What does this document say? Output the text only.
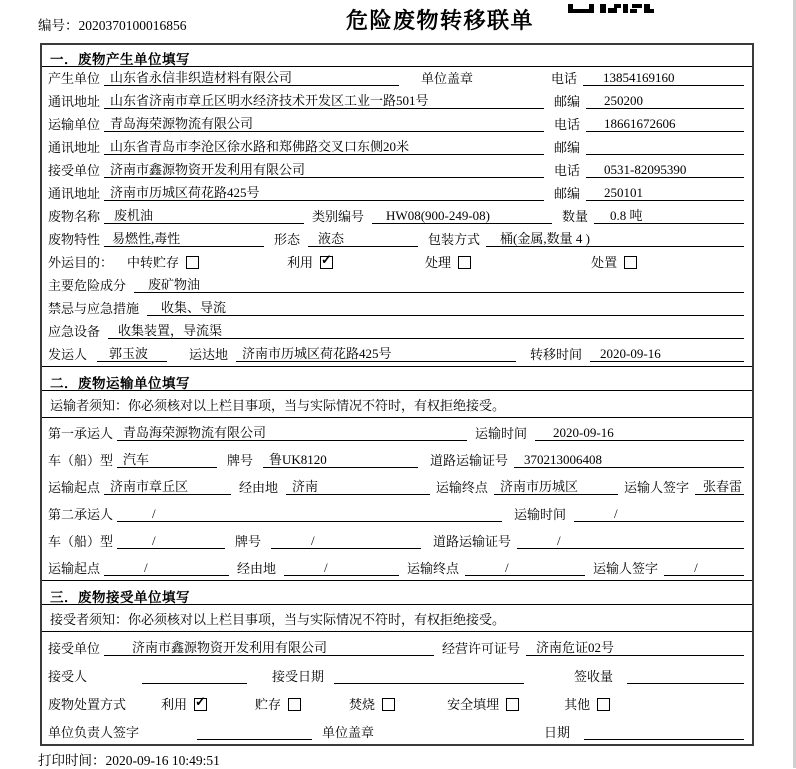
编号：2020370100016856	危险废物转移联单
一．废物产生单位填写
产生单位 山东省永信非织造材料有限公司	单位盖章	电话	13854169160
通讯地址 山东省济南市章丘区明水经济技术开发区工业一路501号	邮编	250200
运输单位 青岛海荣源物流有限公司	电话	18661672606
通讯地址 山东省青岛市李沧区徐水路和郑佛路交叉口东侧20米	邮编
接受单位 济南市鑫源物资开发利用有限公司	电话	0531-82095390
通讯地址 济南市历城区荷花路425号	邮编	250101
废物名称	废机油	类别编号	HW08(900-249-08)	数量	0.8 吨
废物特性 易燃性,毒性	形态	液态	包装方式	桶(金属,数量 4 )
外运目的： 中转贮存	利用 ✓	处理	处置
主要危险成分	废矿物油
禁忌与应急措施	收集、导流
应急设备	收集装置，导流渠
发运人	郭玉波	运达地	济南市历城区荷花路425号	转移时间	2020-09-16
二．废物运输单位填写
运输者须知：你必须核对以上栏目事项，当与实际情况不符时，有权拒绝接受。
第一承运人 青岛海荣源物流有限公司	运输时间	2020-09-16
车（船）型 汽车	牌号	鲁UK8120	道路运输证号	370213006408
运输起点 济南市章丘区	经由地	济南	运输终点 济南市历城区	运输人签字	张春雷
第二承运人	/	运输时间	/
车（船）型	/	牌号	/	道路运输证号	/
运输起点	/	经由地	/	运输终点	/	运输人签字	/
三．废物接受单位填写
接受者须知：你必须核对以上栏目事项，当与实际情况不符时，有权拒绝接受。
接受单位	济南市鑫源物资开发利用有限公司	经营许可证号	济南危证02号
接受人	接受日期	签收量
废物处置方式	利用 ✓	贮存	焚烧	安全填埋	其他
单位负责人签字	单位盖章	日期
打印时间：2020-09-16 10:49:51
